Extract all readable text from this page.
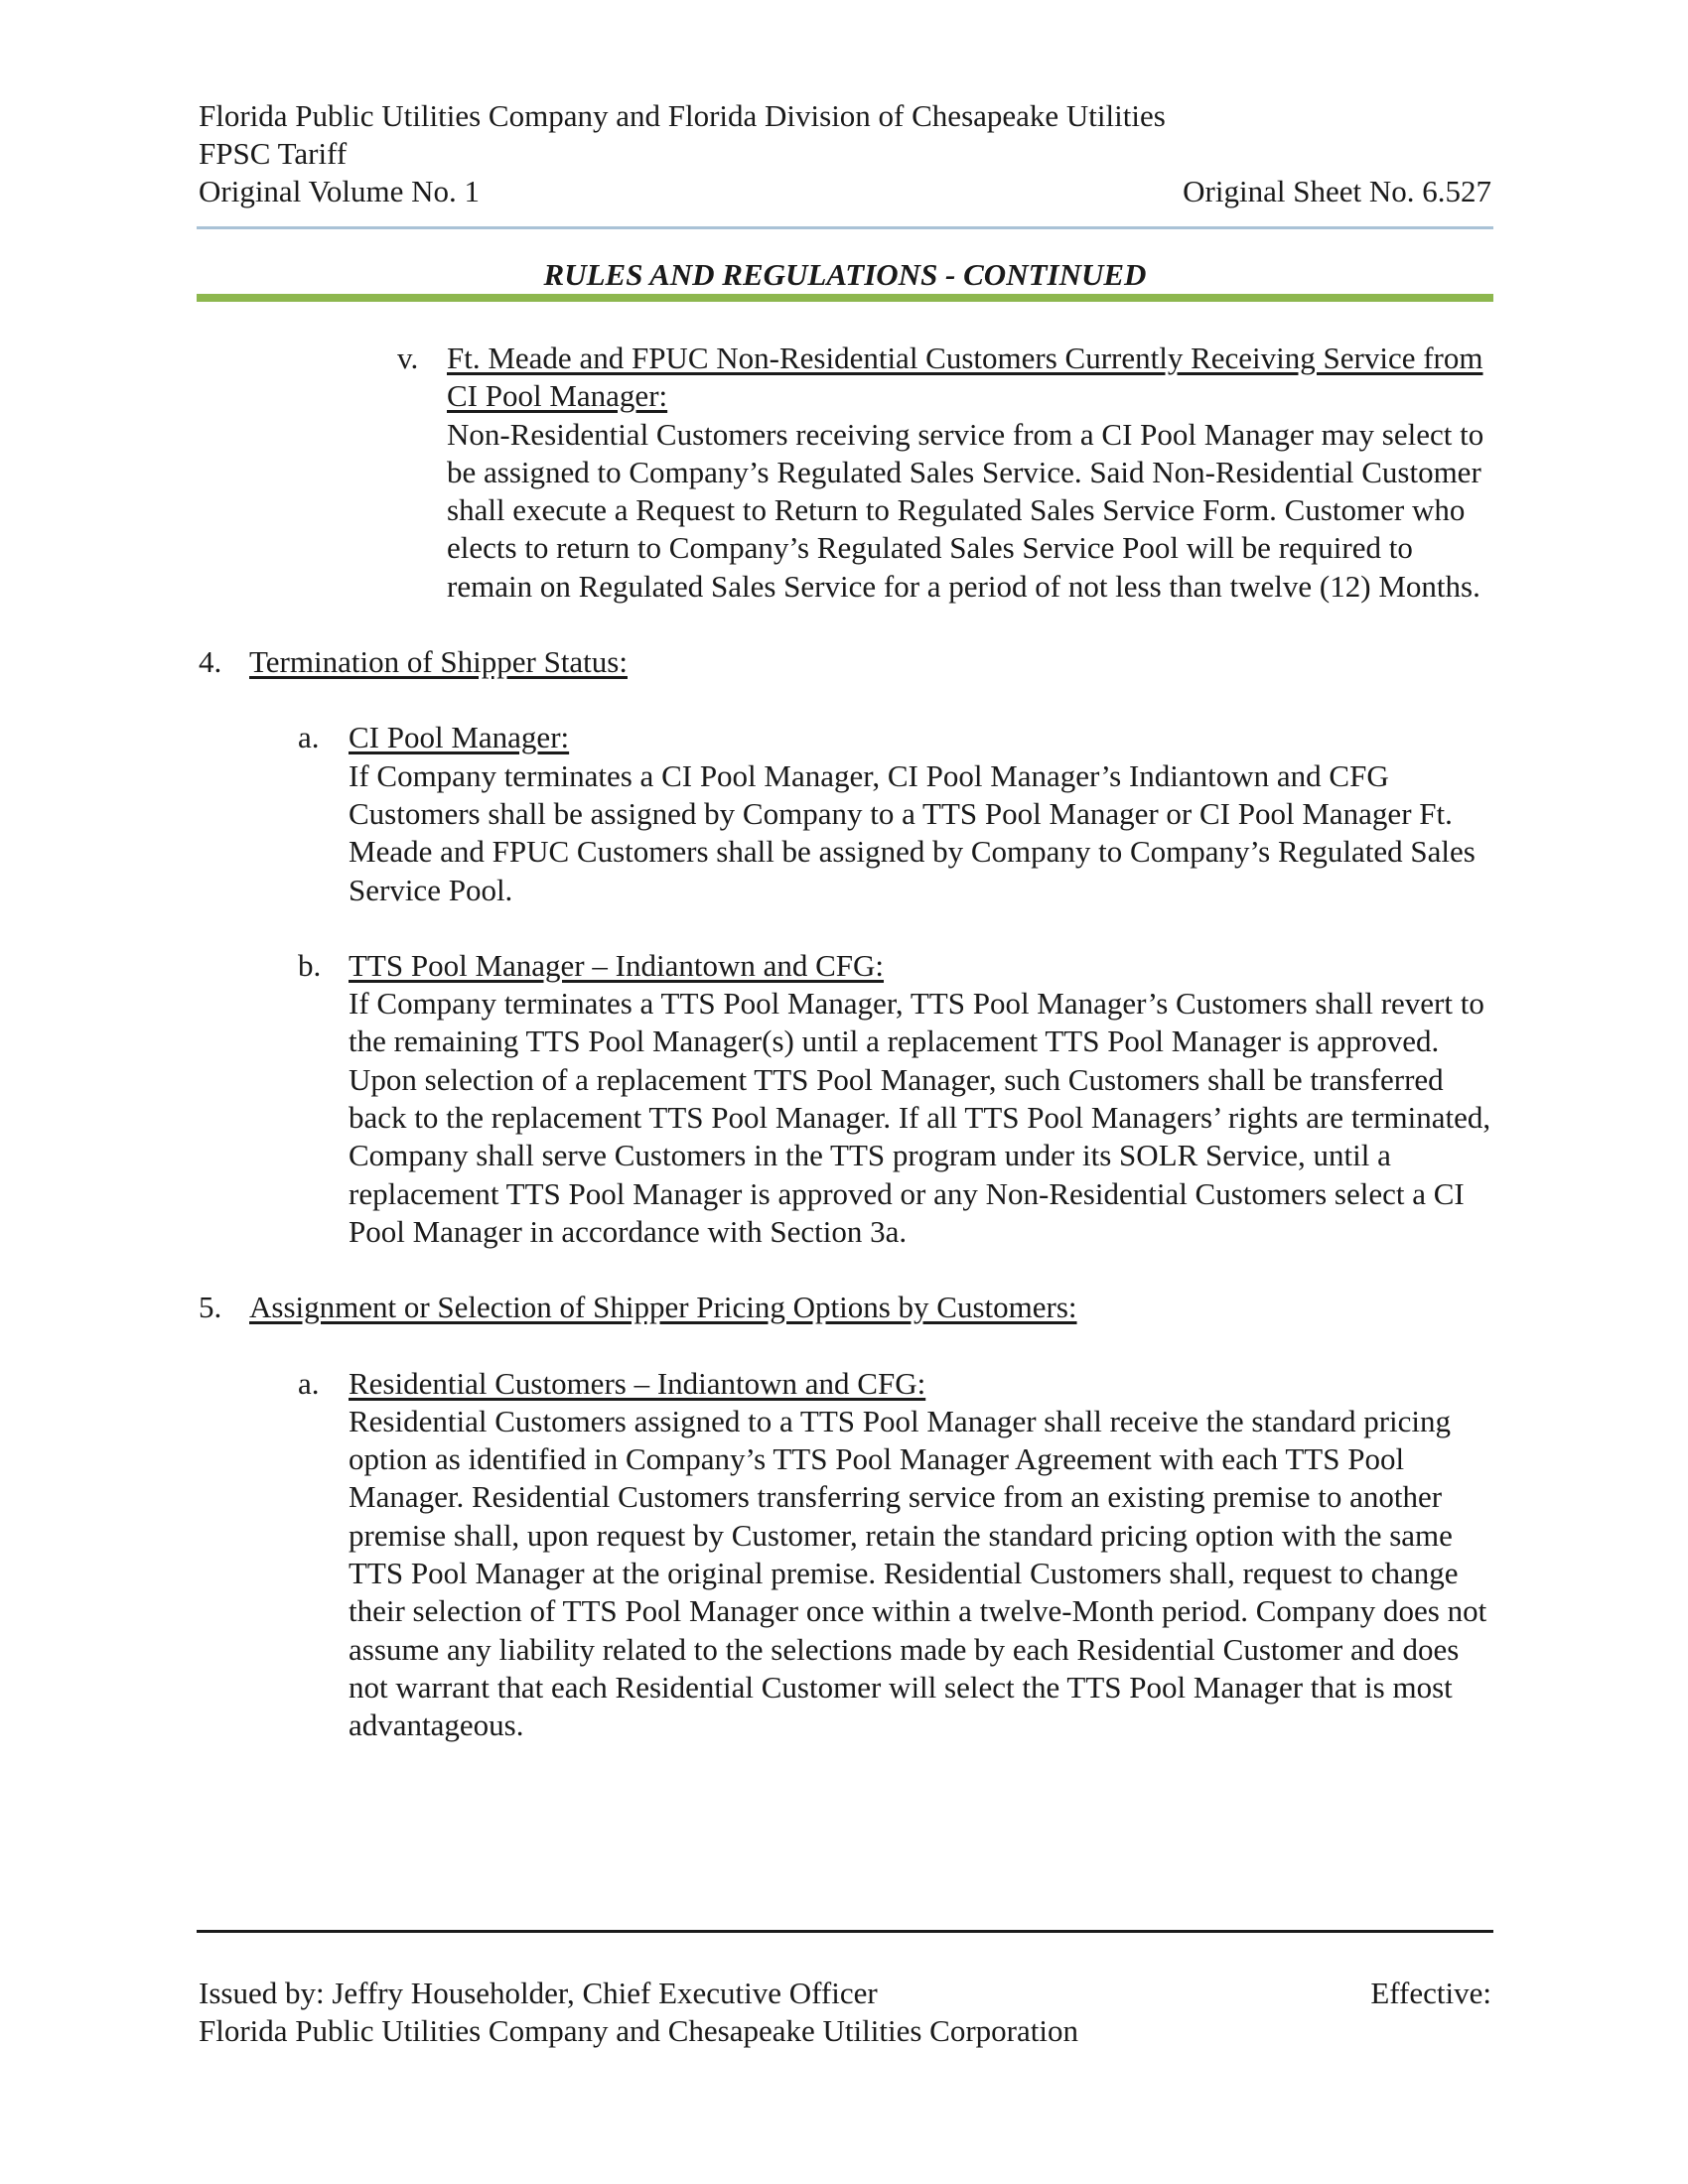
Florida Public Utilities Company and Florida Division of Chesapeake Utilities
FPSC Tariff
Original Volume No. 1	Original Sheet No. 6.527
RULES AND REGULATIONS - CONTINUED
v. Ft. Meade and FPUC Non-Residential Customers Currently Receiving Service from CI Pool Manager:
Non-Residential Customers receiving service from a CI Pool Manager may select to be assigned to Company’s Regulated Sales Service. Said Non-Residential Customer shall execute a Request to Return to Regulated Sales Service Form. Customer who elects to return to Company’s Regulated Sales Service Pool will be required to remain on Regulated Sales Service for a period of not less than twelve (12) Months.
4. Termination of Shipper Status:
a. CI Pool Manager:
If Company terminates a CI Pool Manager, CI Pool Manager’s Indiantown and CFG Customers shall be assigned by Company to a TTS Pool Manager or CI Pool Manager Ft. Meade and FPUC Customers shall be assigned by Company to Company’s Regulated Sales Service Pool.
b. TTS Pool Manager – Indiantown and CFG:
If Company terminates a TTS Pool Manager, TTS Pool Manager’s Customers shall revert to the remaining TTS Pool Manager(s) until a replacement TTS Pool Manager is approved. Upon selection of a replacement TTS Pool Manager, such Customers shall be transferred back to the replacement TTS Pool Manager. If all TTS Pool Managers’ rights are terminated, Company shall serve Customers in the TTS program under its SOLR Service, until a replacement TTS Pool Manager is approved or any Non-Residential Customers select a CI Pool Manager in accordance with Section 3a.
5. Assignment or Selection of Shipper Pricing Options by Customers:
a. Residential Customers – Indiantown and CFG:
Residential Customers assigned to a TTS Pool Manager shall receive the standard pricing option as identified in Company’s TTS Pool Manager Agreement with each TTS Pool Manager. Residential Customers transferring service from an existing premise to another premise shall, upon request by Customer, retain the standard pricing option with the same TTS Pool Manager at the original premise. Residential Customers shall, request to change their selection of TTS Pool Manager once within a twelve-Month period. Company does not assume any liability related to the selections made by each Residential Customer and does not warrant that each Residential Customer will select the TTS Pool Manager that is most advantageous.
Issued by: Jeffry Householder, Chief Executive Officer	Effective:
Florida Public Utilities Company and Chesapeake Utilities Corporation
